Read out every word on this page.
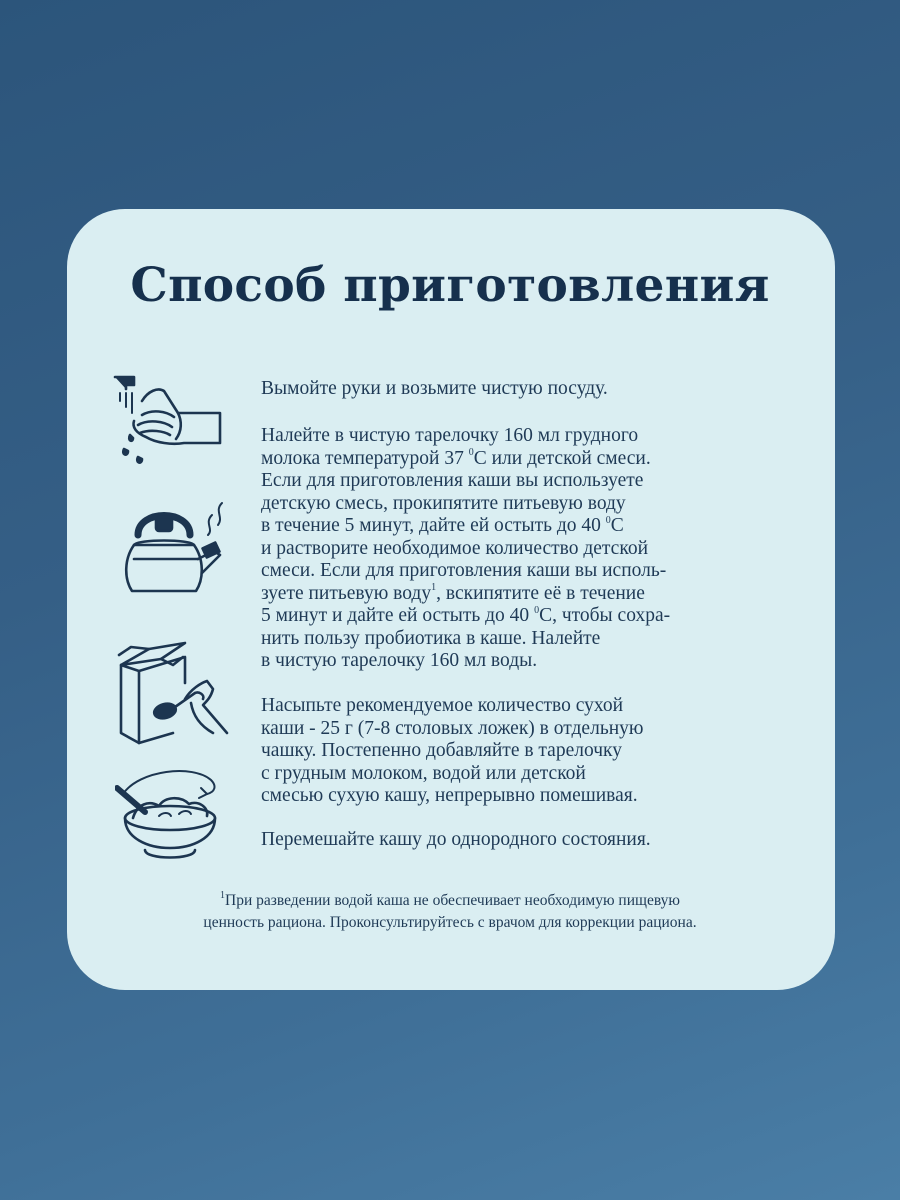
Способ приготовления
Вымойте руки и возьмите чистую посуду.
Налейте в чистую тарелочку 160 мл грудного
молока температурой 37 $^0$С или детской смеси.
Если для приготовления каши вы используете
детскую смесь, прокипятите питьевую воду
в течение 5 минут, дайте ей остыть до 40 $^0$С
и растворите необходимое количество детской
смеси. Если для приготовления каши вы исполь-
зуете питьевую воду$^1$, вскипятите её в течение
5 минут и дайте ей остыть до 40 $^0$С, чтобы сохра-
нить пользу пробиотика в каше. Налейте
в чистую тарелочку 160 мл воды.
Насыпьте рекомендуемое количество сухой
каши - 25 г (7-8 столовых ложек) в отдельную
чашку. Постепенно добавляйте в тарелочку
с грудным молоком, водой или детской
смесью сухую кашу, непрерывно помешивая.
Перемешайте кашу до однородного состояния.
$^1$При разведении водой каша не обеспечивает необходимую пищевую
ценность рациона. Проконсультируйтесь с врачом для коррекции рациона.
